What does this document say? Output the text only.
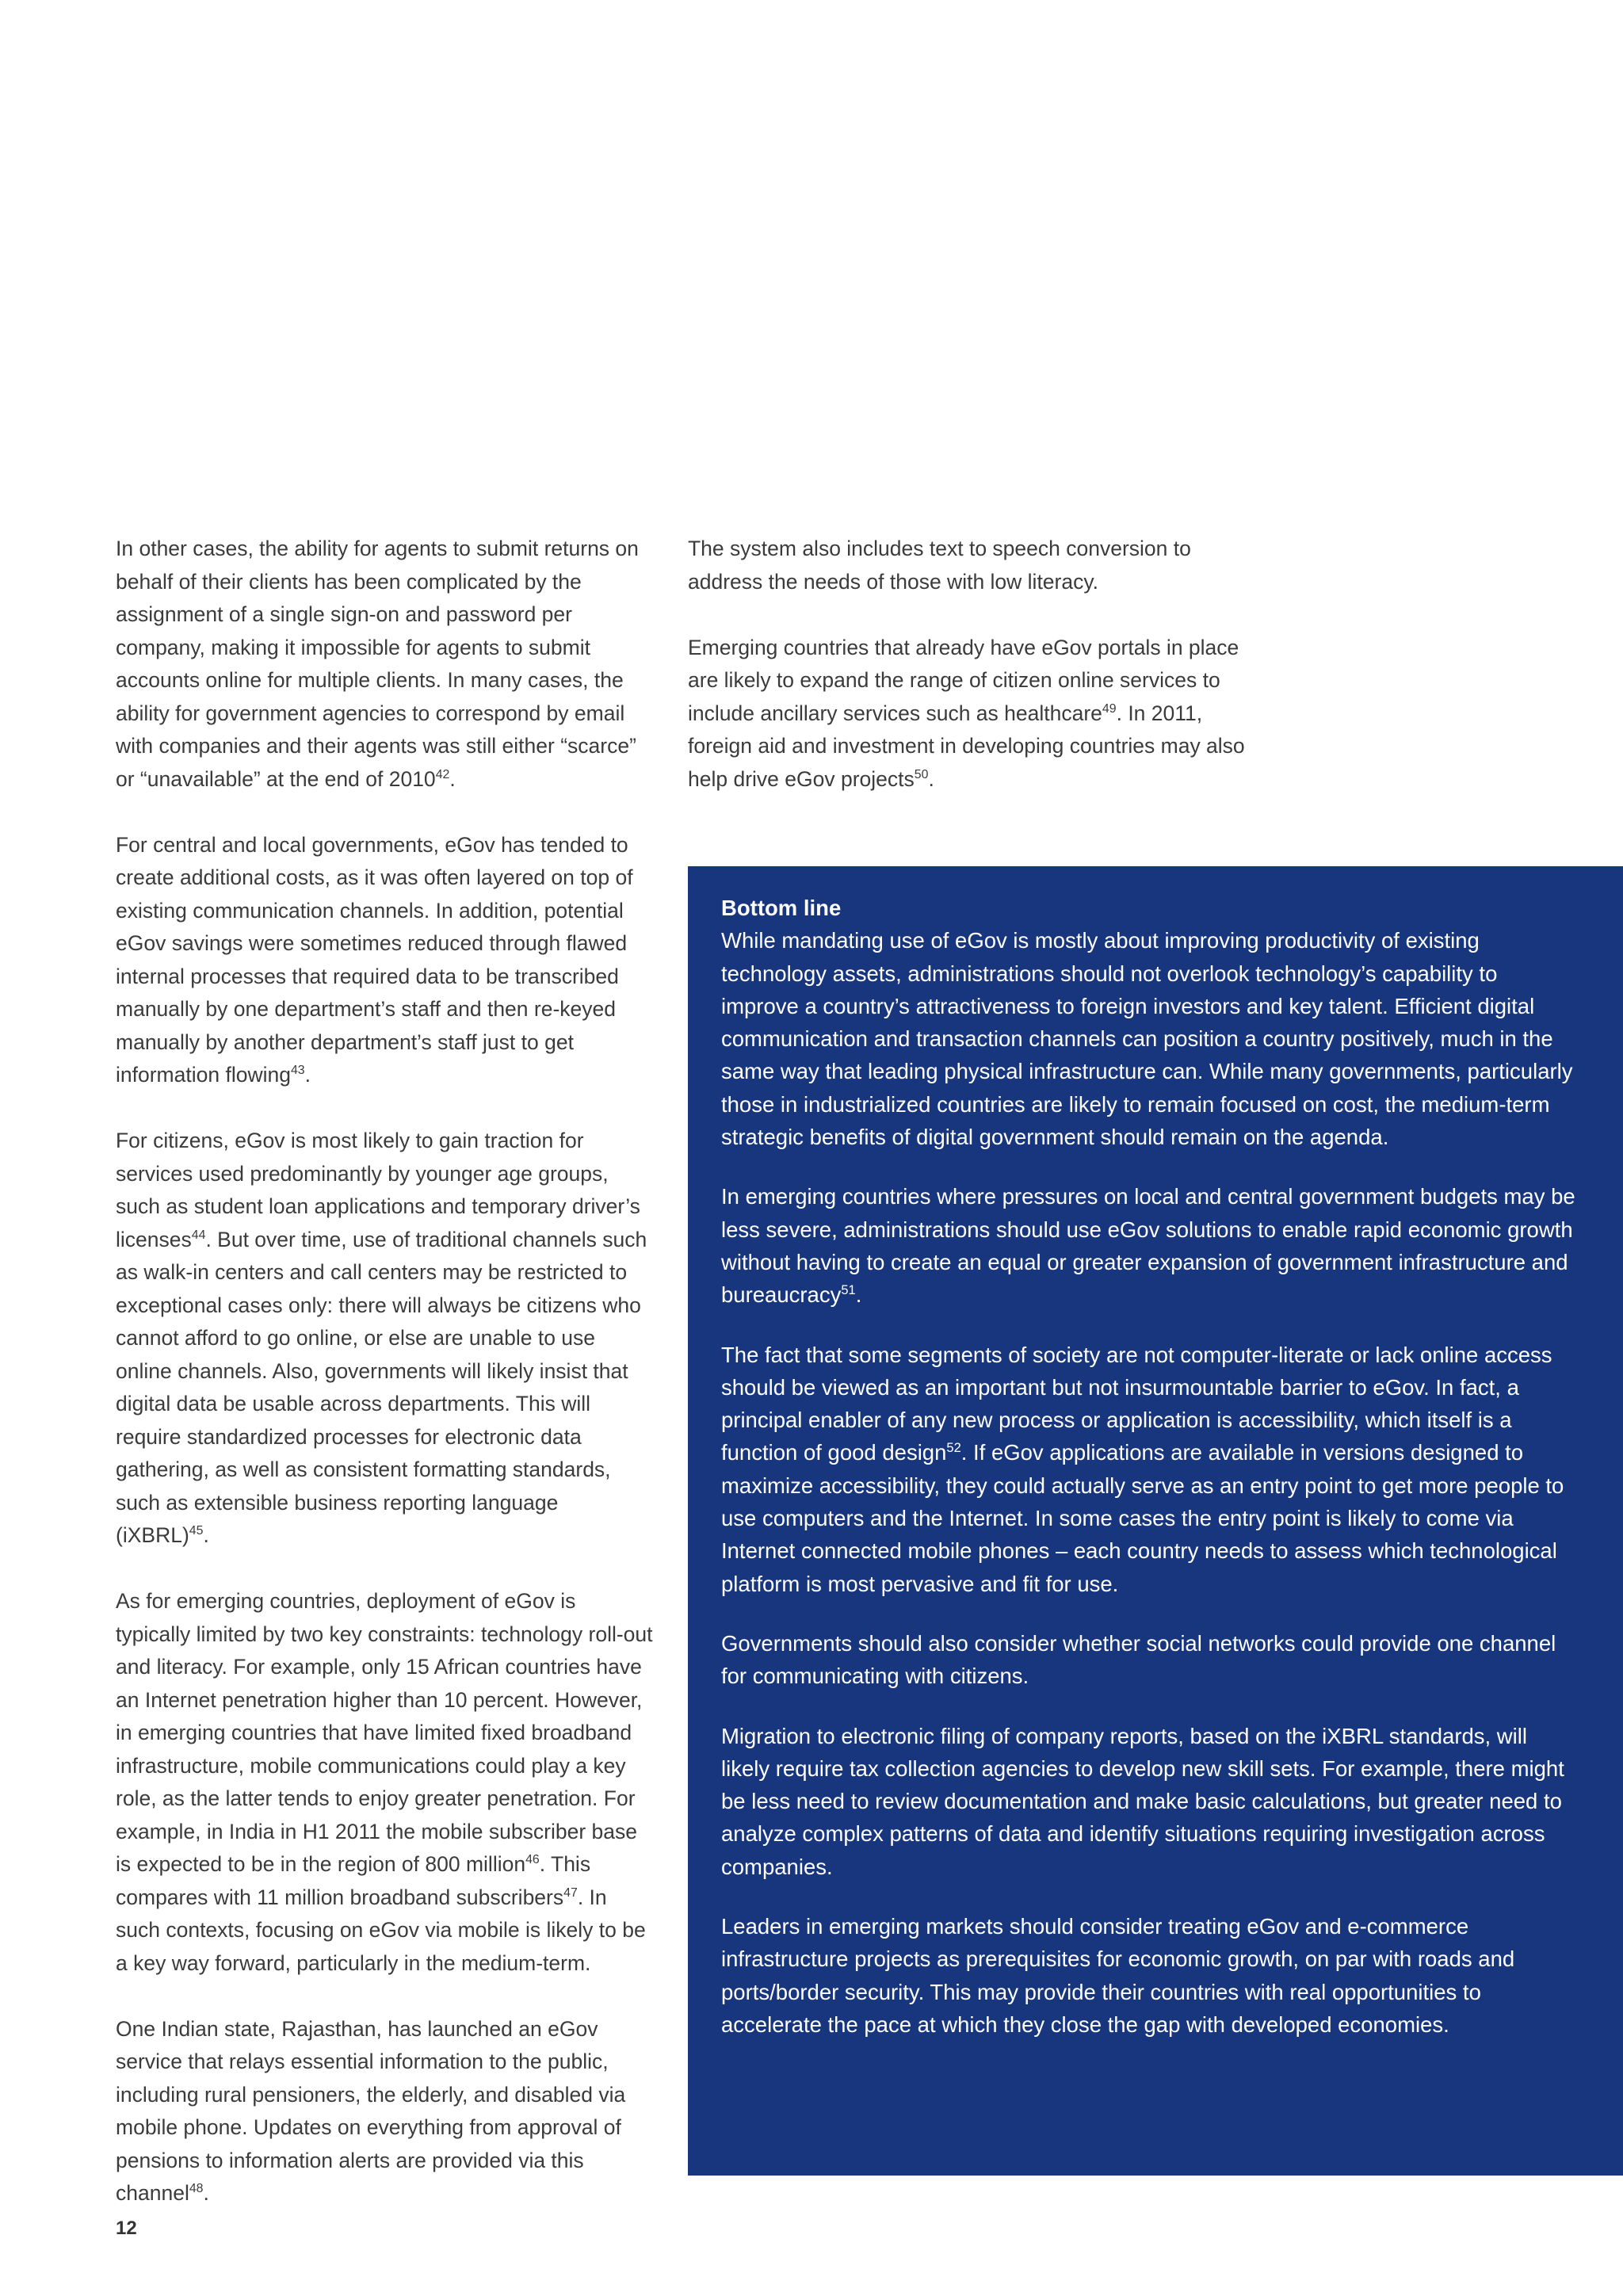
In other cases, the ability for agents to submit returns on behalf of their clients has been complicated by the assignment of a single sign-on and password per company, making it impossible for agents to submit accounts online for multiple clients. In many cases, the ability for government agencies to correspond by email with companies and their agents was still either “scarce” or “unavailable” at the end of 2010$^{42}$.

For central and local governments, eGov has tended to create additional costs, as it was often layered on top of existing communication channels. In addition, potential eGov savings were sometimes reduced through flawed internal processes that required data to be transcribed manually by one department’s staff and then re-keyed manually by another department’s staff just to get information flowing$^{43}$.

For citizens, eGov is most likely to gain traction for services used predominantly by younger age groups, such as student loan applications and temporary driver’s licenses$^{44}$. But over time, use of traditional channels such as walk-in centers and call centers may be restricted to exceptional cases only: there will always be citizens who cannot afford to go online, or else are unable to use online channels. Also, governments will likely insist that digital data be usable across departments. This will require standardized processes for electronic data gathering, as well as consistent formatting standards, such as extensible business reporting language (iXBRL)$^{45}$.

As for emerging countries, deployment of eGov is typically limited by two key constraints: technology roll-out and literacy. For example, only 15 African countries have an Internet penetration higher than 10 percent. However, in emerging countries that have limited fixed broadband infrastructure, mobile communications could play a key role, as the latter tends to enjoy greater penetration. For example, in India in H1 2011 the mobile subscriber base is expected to be in the region of 800 million$^{46}$. This compares with 11 million broadband subscribers$^{47}$. In such contexts, focusing on eGov via mobile is likely to be a key way forward, particularly in the medium-term.

One Indian state, Rajasthan, has launched an eGov service that relays essential information to the public, including rural pensioners, the elderly, and disabled via mobile phone. Updates on everything from approval of pensions to information alerts are provided via this channel$^{48}$.

The system also includes text to speech conversion to address the needs of those with low literacy.

Emerging countries that already have eGov portals in place are likely to expand the range of citizen online services to include ancillary services such as healthcare$^{49}$. In 2011, foreign aid and investment in developing countries may also help drive eGov projects$^{50}$.

Bottom line
While mandating use of eGov is mostly about improving productivity of existing technology assets, administrations should not overlook technology’s capability to improve a country’s attractiveness to foreign investors and key talent. Efficient digital communication and transaction channels can position a country positively, much in the same way that leading physical infrastructure can. While many governments, particularly those in industrialized countries are likely to remain focused on cost, the medium-term strategic benefits of digital government should remain on the agenda.

In emerging countries where pressures on local and central government budgets may be less severe, administrations should use eGov solutions to enable rapid economic growth without having to create an equal or greater expansion of government infrastructure and bureaucracy$^{51}$.

The fact that some segments of society are not computer-literate or lack online access should be viewed as an important but not insurmountable barrier to eGov. In fact, a principal enabler of any new process or application is accessibility, which itself is a function of good design$^{52}$. If eGov applications are available in versions designed to maximize accessibility, they could actually serve as an entry point to get more people to use computers and the Internet. In some cases the entry point is likely to come via Internet connected mobile phones – each country needs to assess which technological platform is most pervasive and fit for use.

Governments should also consider whether social networks could provide one channel for communicating with citizens.

Migration to electronic filing of company reports, based on the iXBRL standards, will likely require tax collection agencies to develop new skill sets. For example, there might be less need to review documentation and make basic calculations, but greater need to analyze complex patterns of data and identify situations requiring investigation across companies.

Leaders in emerging markets should consider treating eGov and e-commerce infrastructure projects as prerequisites for economic growth, on par with roads and ports/border security. This may provide their countries with real opportunities to accelerate the pace at which they close the gap with developed economies.

12
